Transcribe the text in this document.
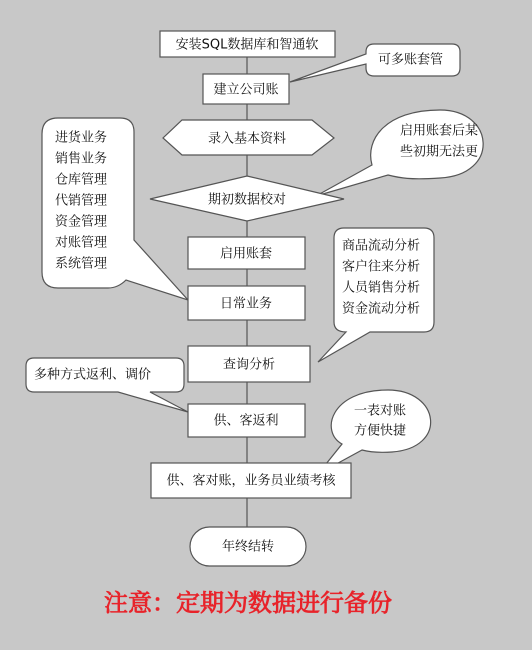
可多账套管
启用账套后某
些初期无法更
进货业务
销售业务
仓库管理
代销管理
资金管理
对账管理
系统管理
商品流动分析
客户往来分析
人员销售分析
资金流动分析
多种方式返利、调价
一表对账
方便快捷
安装SQL数据库和智通软
建立公司账
录入基本资料
期初数据校对
启用账套
日常业务
查询分析
供、客返利
供、客对账，业务员业绩考核
年终结转
注意：定期为数据进行备份
